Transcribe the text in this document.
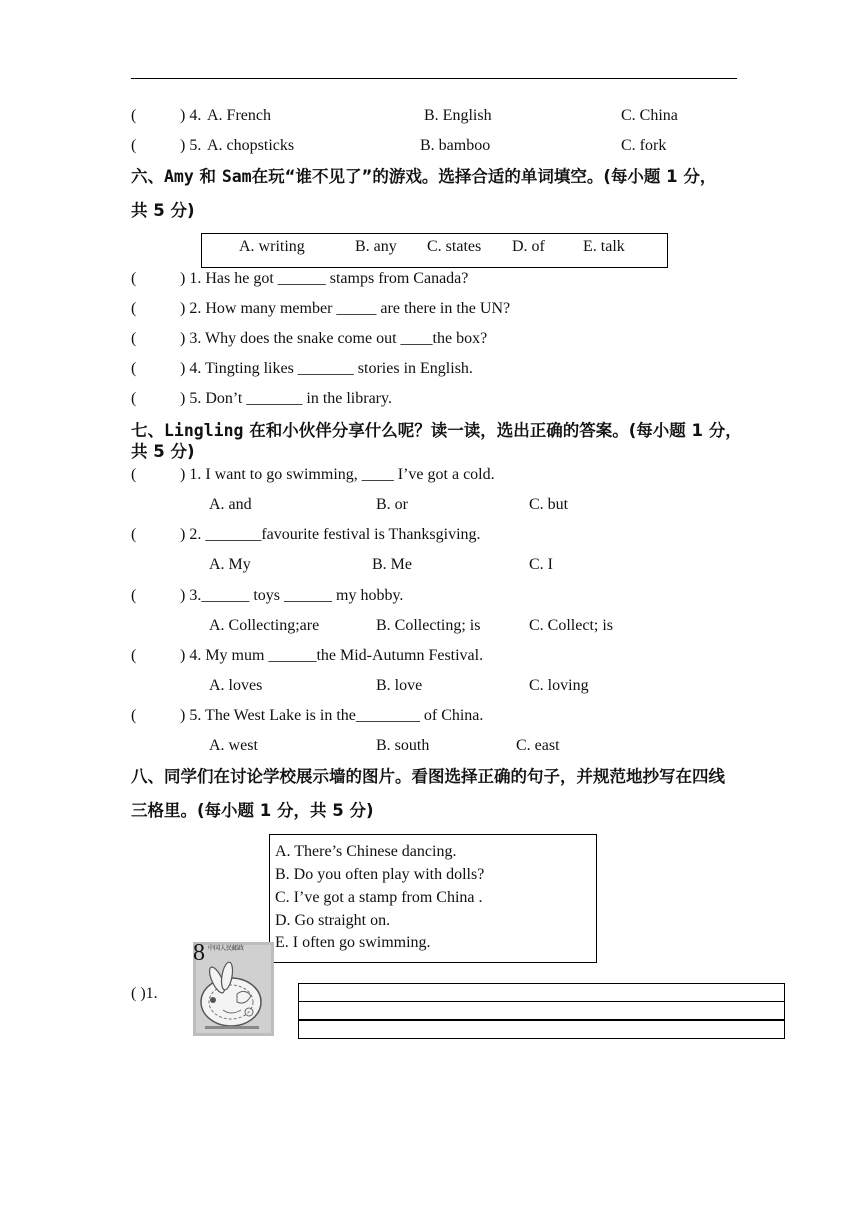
(	) 4. A. French	B. English	C. China
(	) 5. A. chopsticks	B. bamboo	C. fork
六、Amy 和 Sam在玩“谁不见了”的游戏。选择合适的单词填空。(每小题 1 分，
共 5 分)
A. writing	B. any C. states D. of E. talk
(	) 1. Has he got ______ stamps from Canada?
(	) 2. How many member _____ are there in the UN?
(	) 3. Why does the snake come out ____the box?
(	) 4. Tingting likes _______ stories in English.
(	) 5. Don’t _______ in the library.
七、Lingling 在和小伙伴分享什么呢？读一读，选出正确的答案。(每小题 1 分，
共 5 分)
(	) 1. I want to go swimming, ____ I’ve got a cold.
A. and	B. or	C. but
(	) 2. _______favourite festival is Thanksgiving.
A. My	B. Me	C. I
(	) 3.______ toys ______ my hobby.
A. Collecting;are	B. Collecting; is	C. Collect; is
(	) 4. My mum ______the Mid-Autumn Festival.
A. loves	B. love	C. loving
(	) 5. The West Lake is in the________ of China.
A. west	B. south	C. east
八、同学们在讨论学校展示墙的图片。看图选择正确的句子，并规范地抄写在四线
三格里。(每小题 1 分，共 5 分)
A. There’s Chinese dancing.
B. Do you often play with dolls?
C. I’ve got a stamp from China .
D. Go straight on.
E. I often go swimming.
8 中国人民邮政
( )1.
